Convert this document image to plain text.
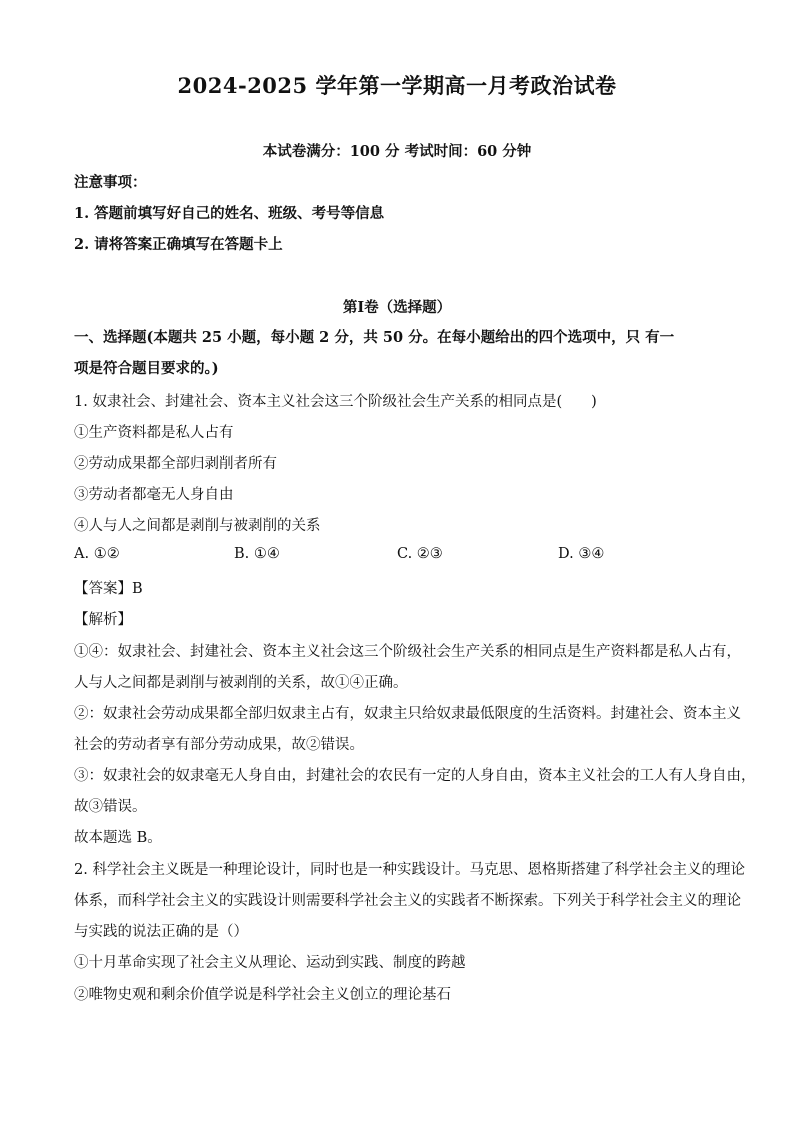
2024-2025 学年第一学期高一月考政治试卷
本试卷满分：100 分 考试时间：60 分钟
注意事项：
1. 答题前填写好自己的姓名、班级、考号等信息
2. 请将答案正确填写在答题卡上
第Ⅰ卷（选择题）
一、选择题(本题共 25 小题，每小题 2 分，共 50 分。在每小题给出的四个选项中，只 有一
项是符合题目要求的。)
1. 奴隶社会、封建社会、资本主义社会这三个阶级社会生产关系的相同点是(　　)
①生产资料都是私人占有
②劳动成果都全部归剥削者所有
③劳动者都毫无人身自由
④人与人之间都是剥削与被剥削的关系
A. ①②	B. ①④	C. ②③	D. ③④
【答案】B
【解析】
①④：奴隶社会、封建社会、资本主义社会这三个阶级社会生产关系的相同点是生产资料都是私人占有，
人与人之间都是剥削与被剥削的关系，故①④正确。
②：奴隶社会劳动成果都全部归奴隶主占有，奴隶主只给奴隶最低限度的生活资料。封建社会、资本主义
社会的劳动者享有部分劳动成果，故②错误。
③：奴隶社会的奴隶毫无人身自由，封建社会的农民有一定的人身自由，资本主义社会的工人有人身自由，
故③错误。
故本题选 B。
2. 科学社会主义既是一种理论设计，同时也是一种实践设计。马克思、恩格斯搭建了科学社会主义的理论
体系，而科学社会主义的实践设计则需要科学社会主义的实践者不断探索。下列关于科学社会主义的理论
与实践的说法正确的是（）
①十月革命实现了社会主义从理论、运动到实践、制度的跨越
②唯物史观和剩余价值学说是科学社会主义创立的理论基石
